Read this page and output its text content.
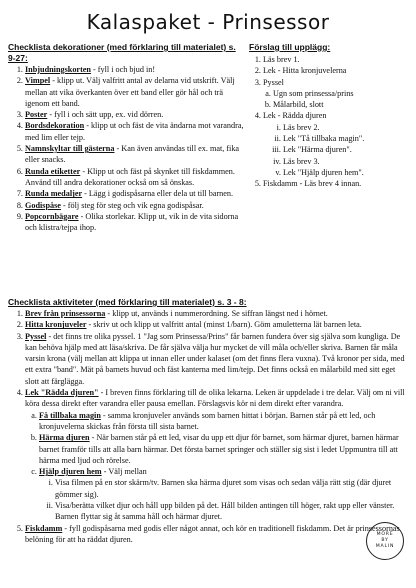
Kalaspaket - Prinsessor
Checklista dekorationer (med förklaring till materialet) s. 9-27:
1. Inbjudningskorten - fyll i och bjud in!
2. Vimpel - klipp ut. Välj valfritt antal av delarna vid utskrift. Välj mellan att vika överkanten över ett band eller gör hål och trä igenom ett band.
3. Poster - fyll i och sätt upp, ex. vid dörren.
4. Bordsdekoration - klipp ut och fäst de vita ändarna mot varandra, med lim eller tejp.
5. Namnskyltar till gästerna - Kan även användas till ex. mat, fika eller snacks.
6. Runda etiketter - Klipp ut och fäst på skynket till fiskdammen. Använd till andra dekorationer också om så önskas.
7. Runda medaljer - Lägg i godispåsarna eller dela ut till barnen.
8. Godispåse - följ steg för steg och vik egna godispåsar.
9. Popcornbägare - Olika storlekar. Klipp ut, vik in de vita sidorna och klistra/tejpa ihop.
Förslag till upplägg:
1. Läs brev 1.
2. Lek - Hitta kronjuvelerna
3. Pyssel
a. Ugn som prinsessa/prins
b. Målarbild, slott
4. Lek - Rädda djuren
i. Läs brev 2.
ii. Lek "Tå tillbaka magin".
iii. Lek "Härma djuren".
iv. Läs brev 3.
v. Lek "Hjälp djuren hem".
5. Fiskdamm - Läs brev 4 innan.
Checklista aktiviteter (med förklaring till materialet) s. 3 - 8:
1. Brev från prinsessorna - klipp ut, används i nummerordning. Se siffran längst ned i hörnet.
2. Hitta kronjuveler - skriv ut och klipp ut valfritt antal (minst 1/barn). Göm amuletterna lät barnen leta.
3. Pyssel - det finns tre olika pyssel. 1 "Jag som Prinsessa/Prins" får barnen fundera över sig själva som kungliga. De kan behöva hjälp med att läsa/skriva. De får själva välja hur mycket de vill måla och/eller skriva. Barnen får måla varsin krona (välj mellan att klippa ut innan eller under kalaset (om det finns flera vuxna). Två kronor per sida, med ett extra "band". Mät på barnets huvud och fäst kanterna med lim/tejp. Det finns också en målarbild med sitt eget slott att färglägga.
4. Lek "Rädda djuren" - I breven finns förklaring till de olika lekarna. Leken är uppdelade i tre delar. Välj om ni vill köra dessa direkt efter varandra eller pausa emellan. Förslagsvis kör ni dem direkt efter varandra.
a. Få tillbaka magin - samma kronjuveler används som barnen hittat i början. Barnen står på ett led, och kronjuvelerna skickas från första till sista barnet.
b. Härma djuren - När barnen står på ett led, visar du upp ett djur för barnet, som härmar djuret, barnen härmar barnet framför tills att alla barn härmar. Det första barnet springer och ställer sig sist i ledet Uppmuntra till att härma med ljud och rörelse.
c. Hjälp djuren hem - Välj mellan
i. Visa filmen på en stor skärm/tv. Barnen ska härma djuret som visas och sedan välja rätt stig (där djuret gömmer sig).
ii. Visa/berätta vilket djur och håll upp bilden på det. Håll bilden antingen till höger, rakt upp eller vänster. Barnen flyttar sig åt samma håll och härmar djuret.
5. Fiskdamm - fyll godispåsarna med godis eller något annat, och kör en traditionell fiskdamm. Det är prinsessornas belöning för att ha räddat djuren.
MORE
BY
MALIN
